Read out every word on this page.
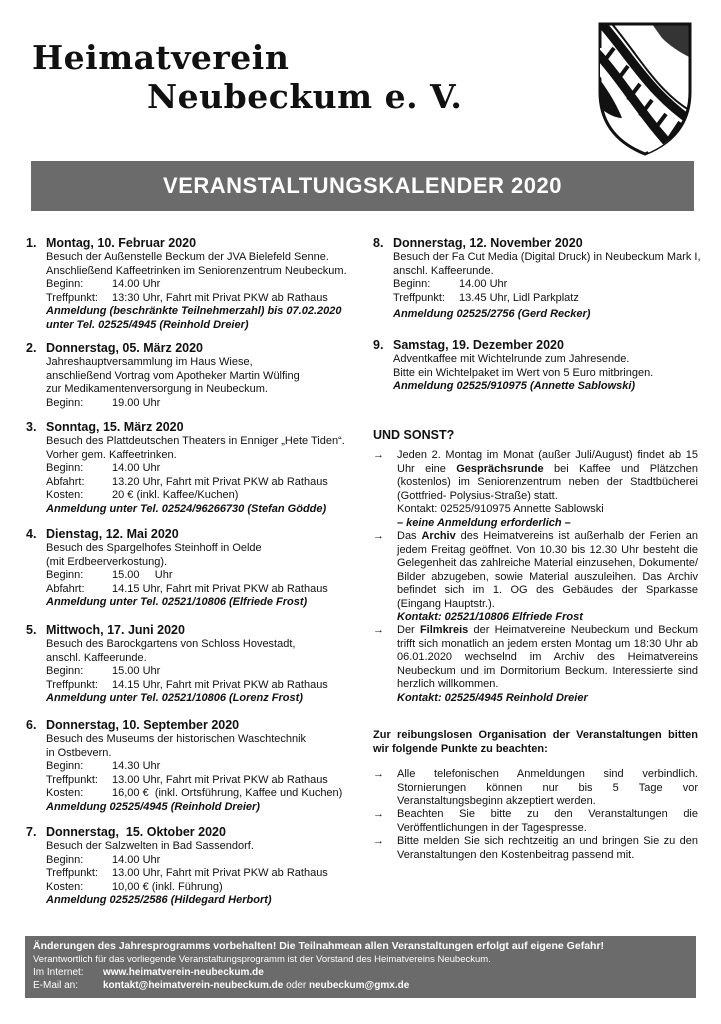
Heimatverein
Neubeckum e. V.
VERANSTALTUNGSKALENDER 2020
1. Montag, 10. Februar 2020
Besuch der Außenstelle Beckum der JVA Bielefeld Senne.
Anschließend Kaffeetrinken im Seniorenzentrum Neubeckum.
Beginn:	14.00 Uhr
Treffpunkt:	13:30 Uhr, Fahrt mit Privat PKW ab Rathaus
Anmeldung (beschränkte Teilnehmerzahl) bis 07.02.2020
unter Tel. 02525/4945 (Reinhold Dreier)
2. Donnerstag, 05. März 2020
Jahreshauptversammlung im Haus Wiese,
anschließend Vortrag vom Apotheker Martin Wülfing
zur Medikamentenversorgung in Neubeckum.
Beginn:	19.00 Uhr
3. Sonntag, 15. März 2020
Besuch des Plattdeutschen Theaters in Enniger „Hete Tiden“.
Vorher gem. Kaffeetrinken.
Beginn:	14.00 Uhr
Abfahrt:	13.20 Uhr, Fahrt mit Privat PKW ab Rathaus
Kosten:	20 € (inkl. Kaffee/Kuchen)
Anmeldung unter Tel. 02524/96266730 (Stefan Gödde)
4. Dienstag, 12. Mai 2020
Besuch des Spargelhofes Steinhoff in Oelde
(mit Erdbeerverkostung).
Beginn:	15.00     Uhr
Abfahrt:	14.15 Uhr, Fahrt mit Privat PKW ab Rathaus
Anmeldung unter Tel. 02521/10806 (Elfriede Frost)
5. Mittwoch, 17. Juni 2020
Besuch des Barockgartens von Schloss Hovestadt,
anschl. Kaffeerunde.
Beginn:	15.00 Uhr
Treffpunkt:	14.15 Uhr, Fahrt mit Privat PKW ab Rathaus
Anmeldung unter Tel. 02521/10806 (Lorenz Frost)
6. Donnerstag, 10. September 2020
Besuch des Museums der historischen Waschtechnik
in Ostbevern.
Beginn:	14.30 Uhr
Treffpunkt:	13.00 Uhr, Fahrt mit Privat PKW ab Rathaus
Kosten:	16,00 €  (inkl. Ortsführung, Kaffee und Kuchen)
Anmeldung 02525/4945 (Reinhold Dreier)
7. Donnerstag,  15. Oktober 2020
Besuch der Salzwelten in Bad Sassendorf.
Beginn:	14.00 Uhr
Treffpunkt:	13.00 Uhr, Fahrt mit Privat PKW ab Rathaus
Kosten:	10,00 € (inkl. Führung)
Anmeldung 02525/2586 (Hildegard Herbort)
8. Donnerstag, 12. November 2020
Besuch der Fa Cut Media (Digital Druck) in Neubeckum Mark I,
anschl. Kaffeerunde.
Beginn:	14.00 Uhr
Treffpunkt:	13.45 Uhr, Lidl Parkplatz
Anmeldung 02525/2756 (Gerd Recker)
9. Samstag, 19. Dezember 2020
Adventkaffee mit Wichtelrunde zum Jahresende.
Bitte ein Wichtelpaket im Wert von 5 Euro mitbringen.
Anmeldung 02525/910975 (Annette Sablowski)
UND SONST?
→	Jeden 2. Montag im Monat (außer Juli/August) findet ab 15 Uhr eine Gesprächsrunde bei Kaffee und Plätzchen (kostenlos) im Seniorenzentrum neben der Stadtbücherei (Gottfried- Polysius-Straße) statt.
Kontakt: 02525/910975 Annette Sablowski
– keine Anmeldung erforderlich –
→	Das Archiv des Heimatvereins ist außerhalb der Ferien an jedem Freitag geöffnet. Von 10.30 bis 12.30 Uhr besteht die Gelegenheit das zahlreiche Material einzusehen, Dokumente/ Bilder abzugeben, sowie Material auszuleihen. Das Archiv befindet sich im 1. OG des Gebäudes der Sparkasse (Eingang Hauptstr.).
Kontakt: 02521/10806 Elfriede Frost
→	Der Filmkreis der Heimatvereine Neubeckum und Beckum trifft sich monatlich an jedem ersten Montag um 18:30 Uhr ab 06.01.2020 wechselnd im Archiv des Heimatvereins Neubeckum und im Dormitorium Beckum. Interessierte sind herzlich willkommen.
Kontakt: 02525/4945 Reinhold Dreier
Zur reibungslosen Organisation der Veranstaltungen bitten wir folgende Punkte zu beachten:
→	Alle telefonischen Anmeldungen sind verbindlich. Stornierungen können nur bis 5 Tage vor Veranstaltungsbeginn akzeptiert werden.
→	Beachten Sie bitte zu den Veranstaltungen die Veröffentlichungen in der Tagespresse.
→	Bitte melden Sie sich rechtzeitig an und bringen Sie zu den Veranstaltungen den Kostenbeitrag passend mit.
Änderungen des Jahresprogramms vorbehalten! Die Teilnahmean allen Veranstaltungen erfolgt auf eigene Gefahr!
Verantwortlich für das vorliegende Veranstaltungsprogramm ist der Vorstand des Heimatvereins Neubeckum.
Im Internet:	www.heimatverein-neubeckum.de
E-Mail an:	kontakt@heimatverein-neubeckum.de oder neubeckum@gmx.de
